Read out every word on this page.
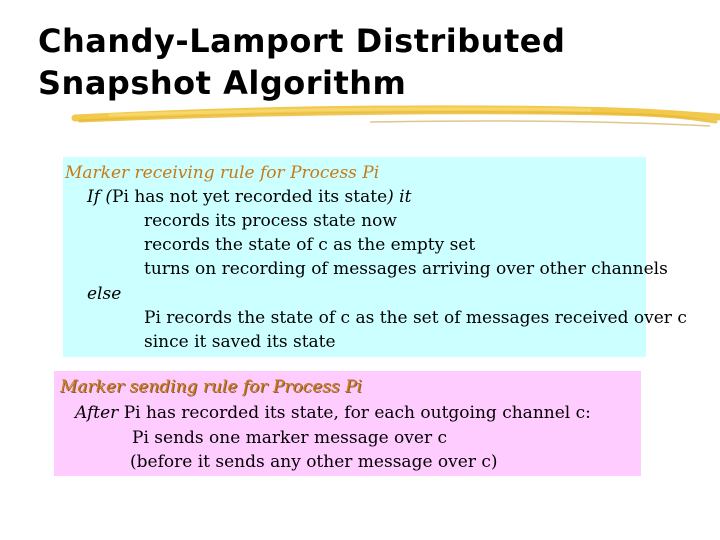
Chandy-Lamport Distributed
Snapshot Algorithm
Marker receiving rule for Process Pi
If (Pi has not yet recorded its state) it
records its process state now
records the state of c as the empty set
turns on recording of messages arriving over other channels
else
Pi records the state of c as the set of messages received over c
since it saved its state
Marker sending rule for Process Pi
After Pi has recorded its state, for each outgoing channel c:
Pi sends one marker message over c
(before it sends any other message over c)
